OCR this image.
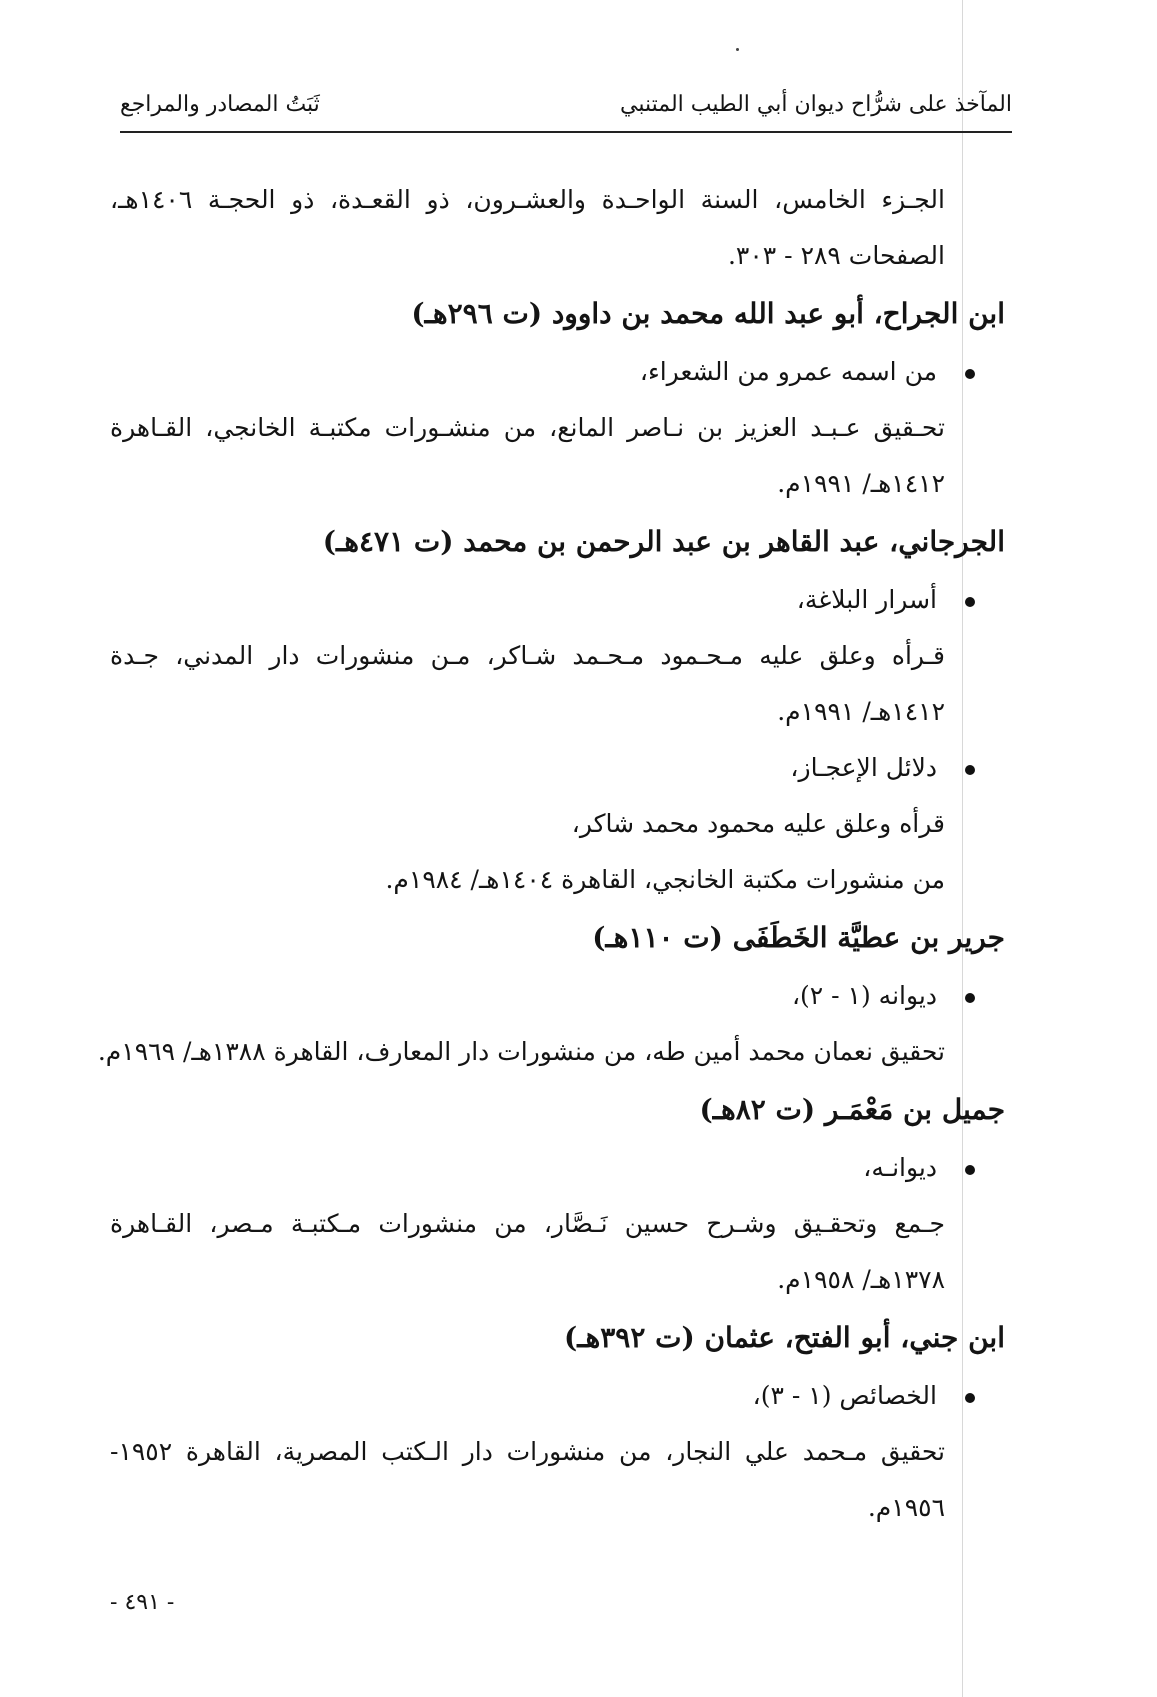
المآخذ على شرُّاح ديوان أبي الطيب المتنبي
ثَبَتُ المصادر والمراجع
الجـزء الخامس، السنة الواحـدة والعشـرون، ذو القعـدة، ذو الحجـة ١٤٠٦هـ،
الصفحات ٢٨٩ - ٣٠٣.
ابن الجراح، أبو عبد الله محمد بن داوود (ت ٢٩٦هـ)
من اسمه عمرو من الشعراء،
تحـقيق عـبـد العزيز بن نـاصر المانع، من منشـورات مكتبـة الخانجي، القـاهرة
١٤١٢هـ/ ١٩٩١م.
الجرجاني، عبد القاهر بن عبد الرحمن بن محمد (ت ٤٧١هـ)
أسرار البلاغة،
قـرأه وعلق عليه مـحـمود مـحـمد شـاكر، مـن منشورات دار المدني، جـدة
١٤١٢هـ/ ١٩٩١م.
دلائل الإعجـاز،
قرأه وعلق عليه محمود محمد شاكر،
من منشورات مكتبة الخانجي، القاهرة ١٤٠٤هـ/ ١٩٨٤م.
جرير بن عطيَّة الخَطَفَى (ت ١١٠هـ)
ديوانه (١ - ٢)،
تحقيق نعمان محمد أمين طه، من منشورات دار المعارف، القاهرة ١٣٨٨هـ/ ١٩٦٩م.
جميل بن مَعْمَـر (ت ٨٢هـ)
ديوانـه،
جـمع وتحقـيق وشـرح حسين نَـصَّار، من منشورات مـكتبـة مـصر، القـاهرة
١٣٧٨هـ/ ١٩٥٨م.
ابن جني، أبو الفتح، عثمان (ت ٣٩٢هـ)
الخصائص (١ - ٣)،
تحقيق مـحمد علي النجار، من منشورات دار الـكتب المصرية، القاهرة ١٩٥٢-
١٩٥٦م.
- ٤٩١ -
